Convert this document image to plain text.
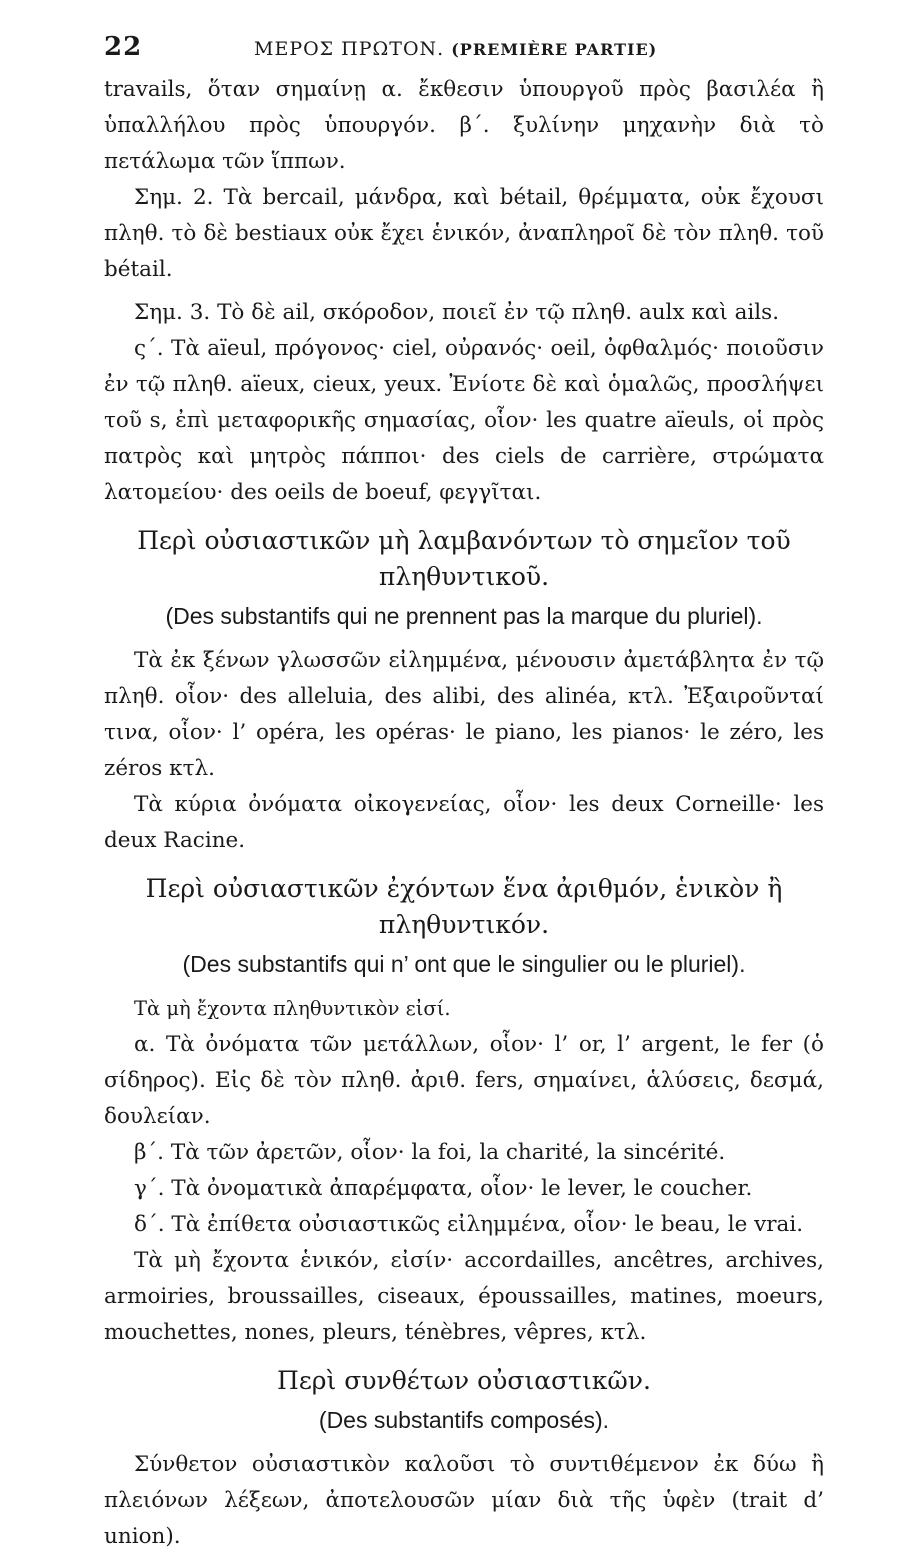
22	ΜΕΡΟΣ ΠΡΩΤΟΝ. (PREMIÈRE PARTIE)

travails, ὅταν σημαίνῃ α. ἔκθεσιν ὑπουργοῦ πρὸς βασιλέα ἢ ὑπαλλήλου πρὸς ὑπουργόν. β΄. ξυλίνην μηχανὴν διὰ τὸ πετάλωμα τῶν ἵππων.

Σημ. 2. Τὰ bercail, μάνδρα, καὶ bétail, θρέμματα, οὐκ ἔχουσι πληθ. τὸ δὲ bestiaux οὐκ ἔχει ἑνικόν, ἀναπληροῖ δὲ τὸν πληθ. τοῦ bétail.

Σημ. 3. Τὸ δὲ ail, σκόροδον, ποιεῖ ἐν τῷ πληθ. aulx καὶ ails.

ς΄. Τὰ aïeul, πρόγονος· ciel, οὐρανός· oeil, ὀφθαλμός· ποιοῦσιν ἐν τῷ πληθ. aïeux, cieux, yeux. Ἐνίοτε δὲ καὶ ὁμαλῶς, προσλήψει τοῦ s, ἐπὶ μεταφορικῆς σημασίας, οἷον· les quatre aïeuls, οἱ πρὸς πατρὸς καὶ μητρὸς πάπποι· des ciels de carrière, στρώματα λατομείου· des oeils de boeuf, φεγγῖται.

Περὶ οὐσιαστικῶν μὴ λαμβανόντων τὸ σημεῖον τοῦ πληθυντικοῦ.

(Des substantifs qui ne prennent pas la marque du pluriel).

Τὰ ἐκ ξένων γλωσσῶν εἰλημμένα, μένουσιν ἀμετάβλητα ἐν τῷ πληθ. οἷον· des alleluia, des alibi, des alinéa, κτλ. Ἐξαιροῦνταί τινα, οἷον· l’ opéra, les opéras· le piano, les pianos· le zéro, les zéros κτλ.

Τὰ κύρια ὀνόματα οἰκογενείας, οἷον· les deux Corneille· les deux Racine.

Περὶ οὐσιαστικῶν ἐχόντων ἕνα ἀριθμόν, ἑνικὸν ἢ πληθυντικόν.

(Des substantifs qui n’ ont que le singulier ou le pluriel).

Τὰ μὴ ἔχοντα πληθυντικὸν εἰσί.

α. Τὰ ὀνόματα τῶν μετάλλων, οἷον· l’ or, l’ argent, le fer (ὁ σίδηρος). Εἰς δὲ τὸν πληθ. ἀριθ. fers, σημαίνει, ἁλύσεις, δεσμά, δουλείαν.

β΄. Τὰ τῶν ἀρετῶν, οἷον· la foi, la charité, la sincérité.

γ΄. Τὰ ὀνοματικὰ ἀπαρέμφατα, οἷον· le lever, le coucher.

δ΄. Τὰ ἐπίθετα οὐσιαστικῶς εἰλημμένα, οἷον· le beau, le vrai.

Τὰ μὴ ἔχοντα ἑνικόν, εἰσίν· accordailles, ancêtres, archives, armoiries, broussailles, ciseaux, époussailles, matines, moeurs, mouchettes, nones, pleurs, ténèbres, vêpres, κτλ.

Περὶ συνθέτων οὐσιαστικῶν.

(Des substantifs composés).

Σύνθετον οὐσιαστικὸν καλοῦσι τὸ συντιθέμενον ἐκ δύω ἢ πλειόνων λέξεων, ἀποτελουσῶν μίαν διὰ τῆς ὑφὲν (trait d’ union).
